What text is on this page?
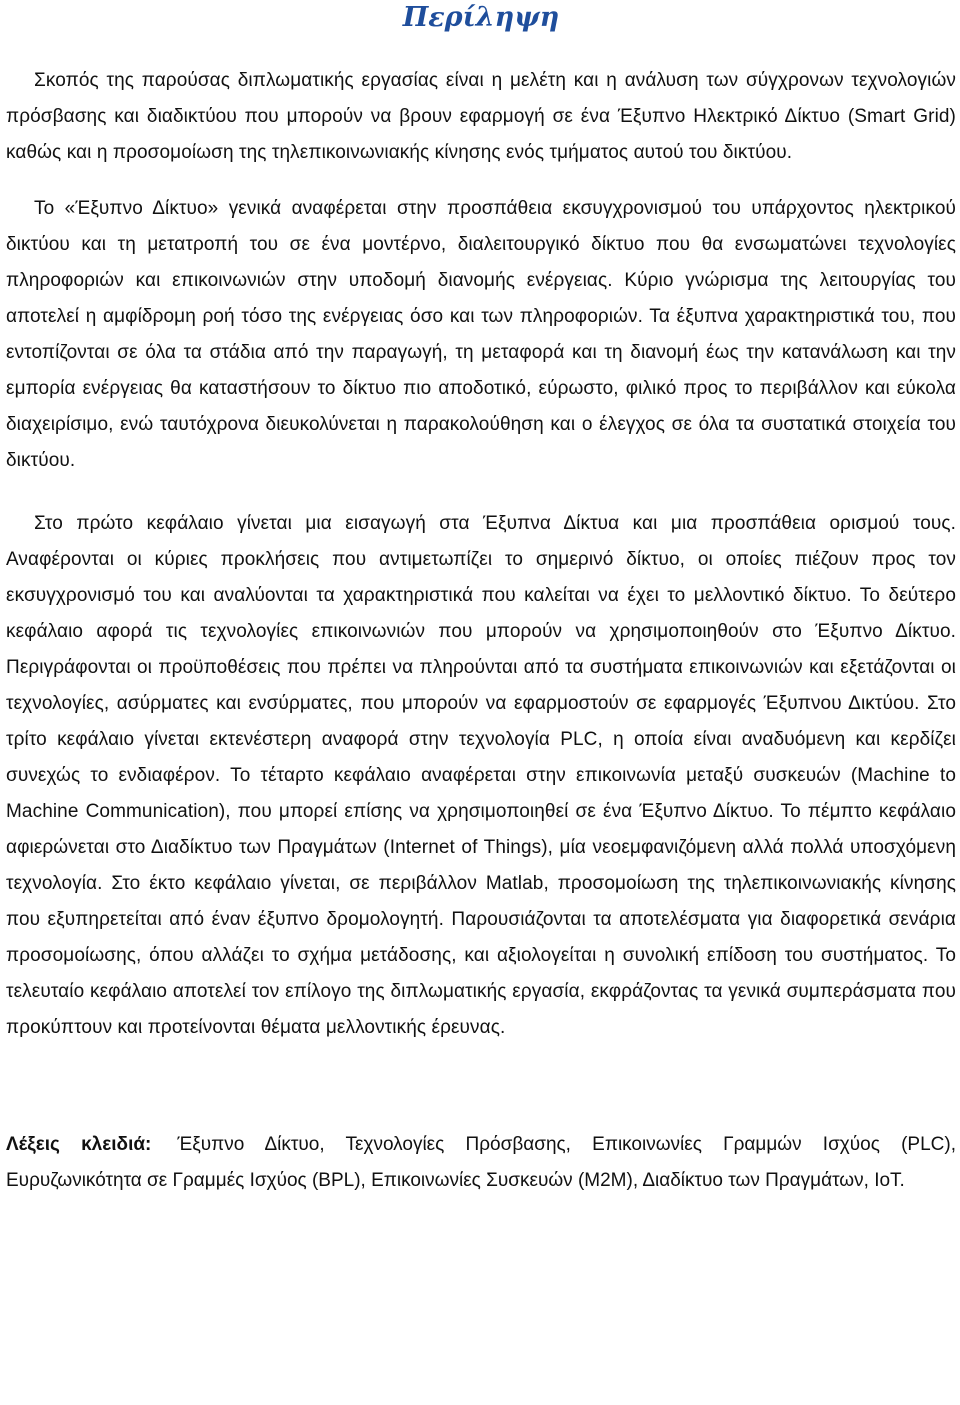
Περίληψη

Σκοπός της παρούσας διπλωματικής εργασίας είναι η μελέτη και η ανάλυση των σύγχρονων τεχνολογιών πρόσβασης και διαδικτύου που μπορούν να βρουν εφαρμογή σε ένα Έξυπνο Ηλεκτρικό Δίκτυο (Smart Grid) καθώς και η προσομοίωση της τηλεπικοινωνιακής κίνησης ενός τμήματος αυτού του δικτύου.

Το «Έξυπνο Δίκτυο» γενικά αναφέρεται στην προσπάθεια εκσυγχρονισμού του υπάρχοντος ηλεκτρικού δικτύου και τη μετατροπή του σε ένα μοντέρνο, διαλειτουργικό δίκτυο που θα ενσωματώνει τεχνολογίες πληροφοριών και επικοινωνιών στην υποδομή διανομής ενέργειας. Κύριο γνώρισμα της λειτουργίας του αποτελεί η αμφίδρομη ροή τόσο της ενέργειας όσο και των πληροφοριών. Τα έξυπνα χαρακτηριστικά του, που εντοπίζονται σε όλα τα στάδια από την παραγωγή, τη μεταφορά και τη διανομή έως την κατανάλωση και την εμπορία ενέργειας θα καταστήσουν το δίκτυο πιο αποδοτικό, εύρωστο, φιλικό προς το περιβάλλον και εύκολα διαχειρίσιμο, ενώ ταυτόχρονα διευκολύνεται η παρακολούθηση και ο έλεγχος σε όλα τα συστατικά στοιχεία του δικτύου.

Στο πρώτο κεφάλαιο γίνεται μια εισαγωγή στα Έξυπνα Δίκτυα και μια προσπάθεια ορισμού τους. Αναφέρονται οι κύριες προκλήσεις που αντιμετωπίζει το σημερινό δίκτυο, οι οποίες πιέζουν προς τον εκσυγχρονισμό του και αναλύονται τα χαρακτηριστικά που καλείται να έχει το μελλοντικό δίκτυο. Το δεύτερο κεφάλαιο αφορά τις τεχνολογίες επικοινωνιών που μπορούν να χρησιμοποιηθούν στο Έξυπνο Δίκτυο. Περιγράφονται οι προϋποθέσεις που πρέπει να πληρούνται από τα συστήματα επικοινωνιών και εξετάζονται οι τεχνολογίες, ασύρματες και ενσύρματες, που μπορούν να εφαρμοστούν σε εφαρμογές Έξυπνου Δικτύου. Στο τρίτο κεφάλαιο γίνεται εκτενέστερη αναφορά στην τεχνολογία PLC, η οποία είναι αναδυόμενη και κερδίζει συνεχώς το ενδιαφέρον. Το τέταρτο κεφάλαιο αναφέρεται στην επικοινωνία μεταξύ συσκευών (Machine to Machine Communication), που μπορεί επίσης να χρησιμοποιηθεί σε ένα Έξυπνο Δίκτυο. Το πέμπτο κεφάλαιο αφιερώνεται στο Διαδίκτυο των Πραγμάτων (Internet of Things), μία νεοεμφανιζόμενη αλλά πολλά υποσχόμενη τεχνολογία. Στο έκτο κεφάλαιο γίνεται, σε περιβάλλον Matlab, προσομοίωση της τηλεπικοινωνιακής κίνησης που εξυπηρετείται από έναν έξυπνο δρομολογητή. Παρουσιάζονται τα αποτελέσματα για διαφορετικά σενάρια προσομοίωσης, όπου αλλάζει το σχήμα μετάδοσης, και αξιολογείται η συνολική επίδοση του συστήματος. Το τελευταίο κεφάλαιο αποτελεί τον επίλογο της διπλωματικής εργασία, εκφράζοντας τα γενικά συμπεράσματα που προκύπτουν και προτείνονται θέματα μελλοντικής έρευνας.

Λέξεις κλειδιά: Έξυπνο Δίκτυο, Τεχνολογίες Πρόσβασης, Επικοινωνίες Γραμμών Ισχύος (PLC), Ευρυζωνικότητα σε Γραμμές Ισχύος (BPL), Επικοινωνίες Συσκευών (M2M), Διαδίκτυο των Πραγμάτων, IoT.
